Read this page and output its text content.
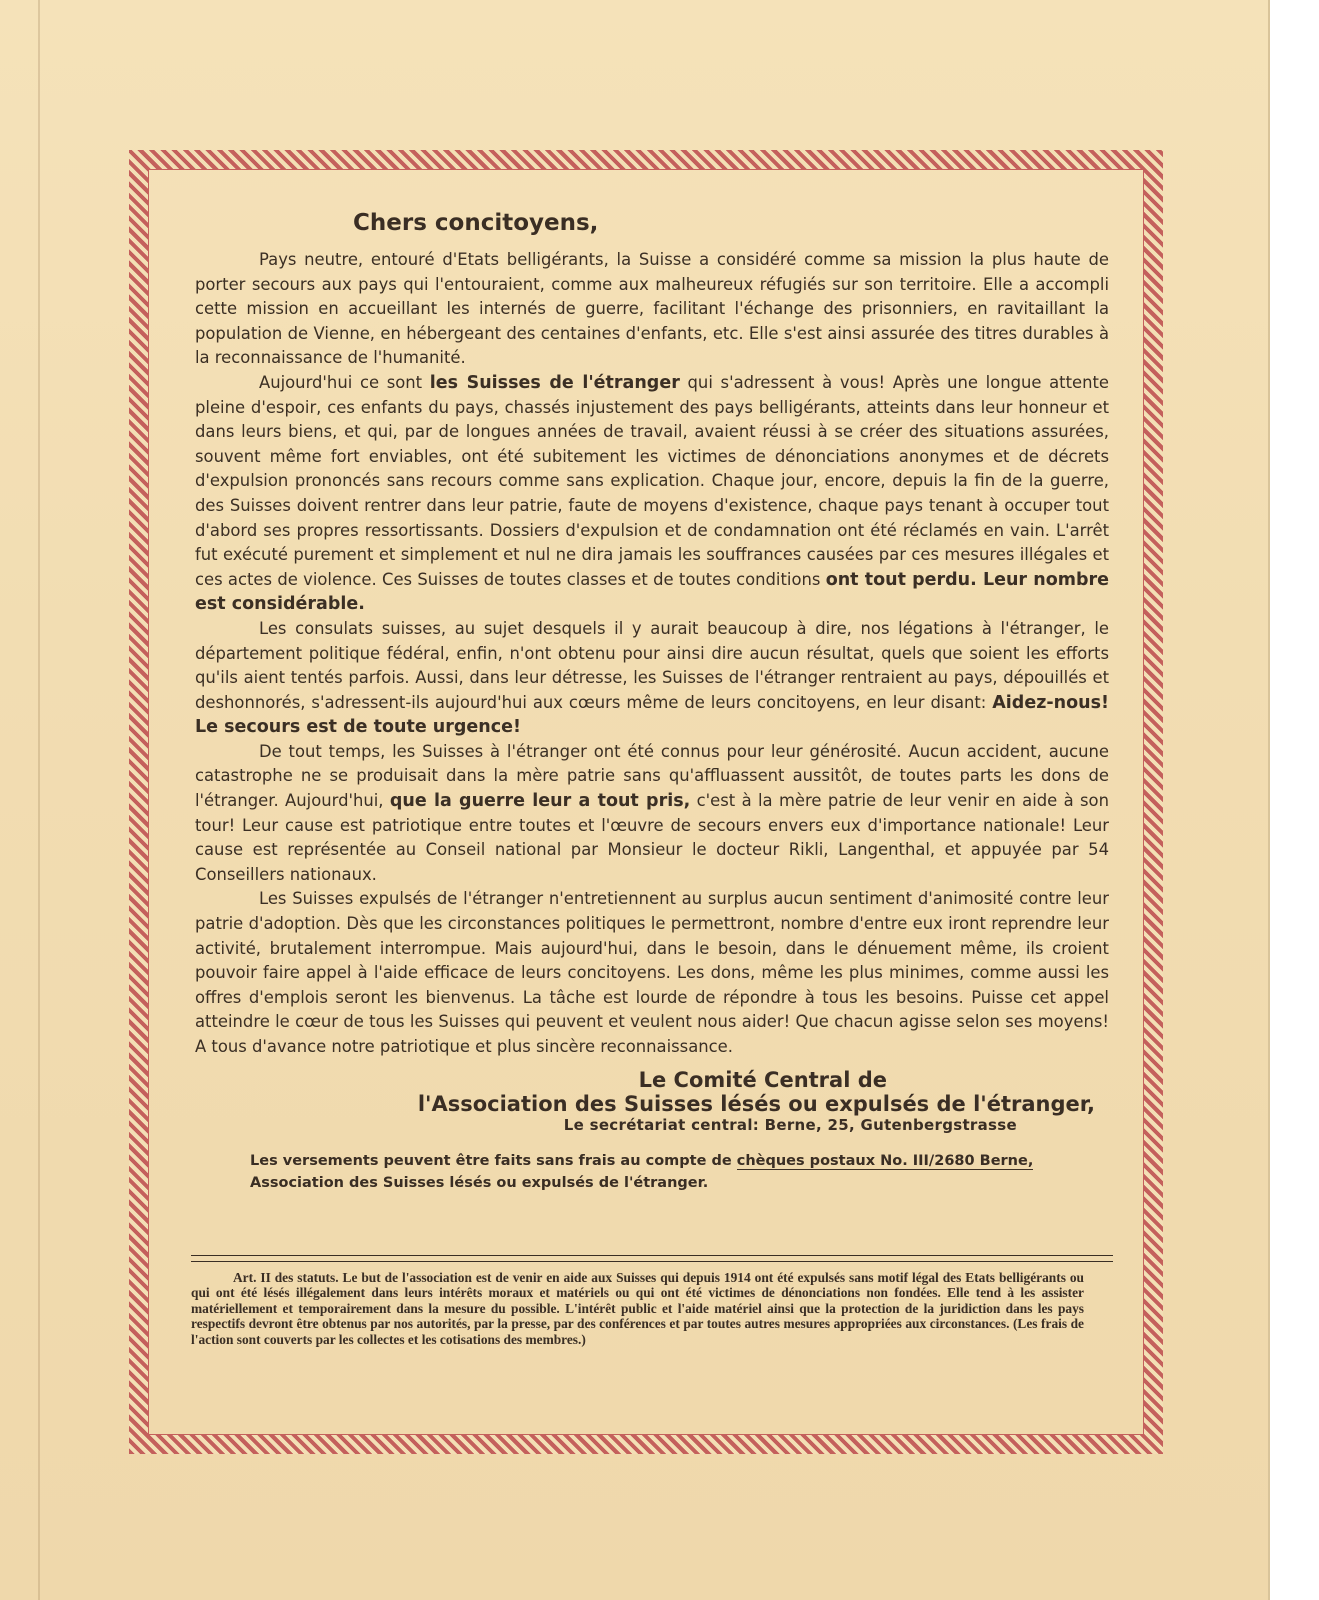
Chers concitoyens,

Pays neutre, entouré d'Etats belligérants, la Suisse a considéré comme sa mission la plus haute de porter secours aux pays qui l'entouraient, comme aux malheureux réfugiés sur son territoire. Elle a accompli cette mission en accueillant les internés de guerre, facilitant l'échange des prisonniers, en ravitaillant la population de Vienne, en hébergeant des centaines d'enfants, etc. Elle s'est ainsi assurée des titres durables à la reconnaissance de l'humanité.

Aujourd'hui ce sont les Suisses de l'étranger qui s'adressent à vous! Après une longue attente pleine d'espoir, ces enfants du pays, chassés injustement des pays belligérants, atteints dans leur honneur et dans leurs biens, et qui, par de longues années de travail, avaient réussi à se créer des situations assurées, souvent même fort enviables, ont été subitement les victimes de dénonciations anonymes et de décrets d'expulsion prononcés sans recours comme sans explication. Chaque jour, encore, depuis la fin de la guerre, des Suisses doivent rentrer dans leur patrie, faute de moyens d'existence, chaque pays tenant à occuper tout d'abord ses propres ressortissants. Dossiers d'expulsion et de condamnation ont été réclamés en vain. L'arrêt fut exécuté purement et simplement et nul ne dira jamais les souffrances causées par ces mesures illégales et ces actes de violence. Ces Suisses de toutes classes et de toutes conditions ont tout perdu. Leur nombre est considérable.

Les consulats suisses, au sujet desquels il y aurait beaucoup à dire, nos légations à l'étranger, le département politique fédéral, enfin, n'ont obtenu pour ainsi dire aucun résultat, quels que soient les efforts qu'ils aient tentés parfois. Aussi, dans leur détresse, les Suisses de l'étranger rentraient au pays, dépouillés et deshonnorés, s'adressent-ils aujourd'hui aux cœurs même de leurs concitoyens, en leur disant: Aidez-nous! Le secours est de toute urgence!

De tout temps, les Suisses à l'étranger ont été connus pour leur générosité. Aucun accident, aucune catastrophe ne se produisait dans la mère patrie sans qu'affluassent aussitôt, de toutes parts les dons de l'étranger. Aujourd'hui, que la guerre leur a tout pris, c'est à la mère patrie de leur venir en aide à son tour! Leur cause est patriotique entre toutes et l'œuvre de secours envers eux d'importance nationale! Leur cause est représentée au Conseil national par Monsieur le docteur Rikli, Langenthal, et appuyée par 54 Conseillers nationaux.

Les Suisses expulsés de l'étranger n'entretiennent au surplus aucun sentiment d'animosité contre leur patrie d'adoption. Dès que les circonstances politiques le permettront, nombre d'entre eux iront reprendre leur activité, brutalement interrompue. Mais aujourd'hui, dans le besoin, dans le dénuement même, ils croient pouvoir faire appel à l'aide efficace de leurs concitoyens. Les dons, même les plus minimes, comme aussi les offres d'emplois seront les bienvenus. La tâche est lourde de répondre à tous les besoins. Puisse cet appel atteindre le cœur de tous les Suisses qui peuvent et veulent nous aider! Que chacun agisse selon ses moyens! A tous d'avance notre patriotique et plus sincère reconnaissance.

Le Comité Central de
l'Association des Suisses lésés ou expulsés de l'étranger,
Le secrétariat central: Berne, 25, Gutenbergstrasse
Les versements peuvent être faits sans frais au compte de chèques postaux No. III/2680 Berne,
Association des Suisses lésés ou expulsés de l'étranger.
Art. II des statuts. Le but de l'association est de venir en aide aux Suisses qui depuis 1914 ont été expulsés sans motif légal des Etats belligérants ou qui ont été lésés illégalement dans leurs intérêts moraux et matériels ou qui ont été victimes de dénonciations non fondées. Elle tend à les assister matériellement et temporairement dans la mesure du possible. L'intérêt public et l'aide matériel ainsi que la protection de la juridiction dans les pays respectifs devront être obtenus par nos autorités, par la presse, par des conférences et par toutes autres mesures appropriées aux circonstances. (Les frais de l'action sont couverts par les collectes et les cotisations des membres.)
